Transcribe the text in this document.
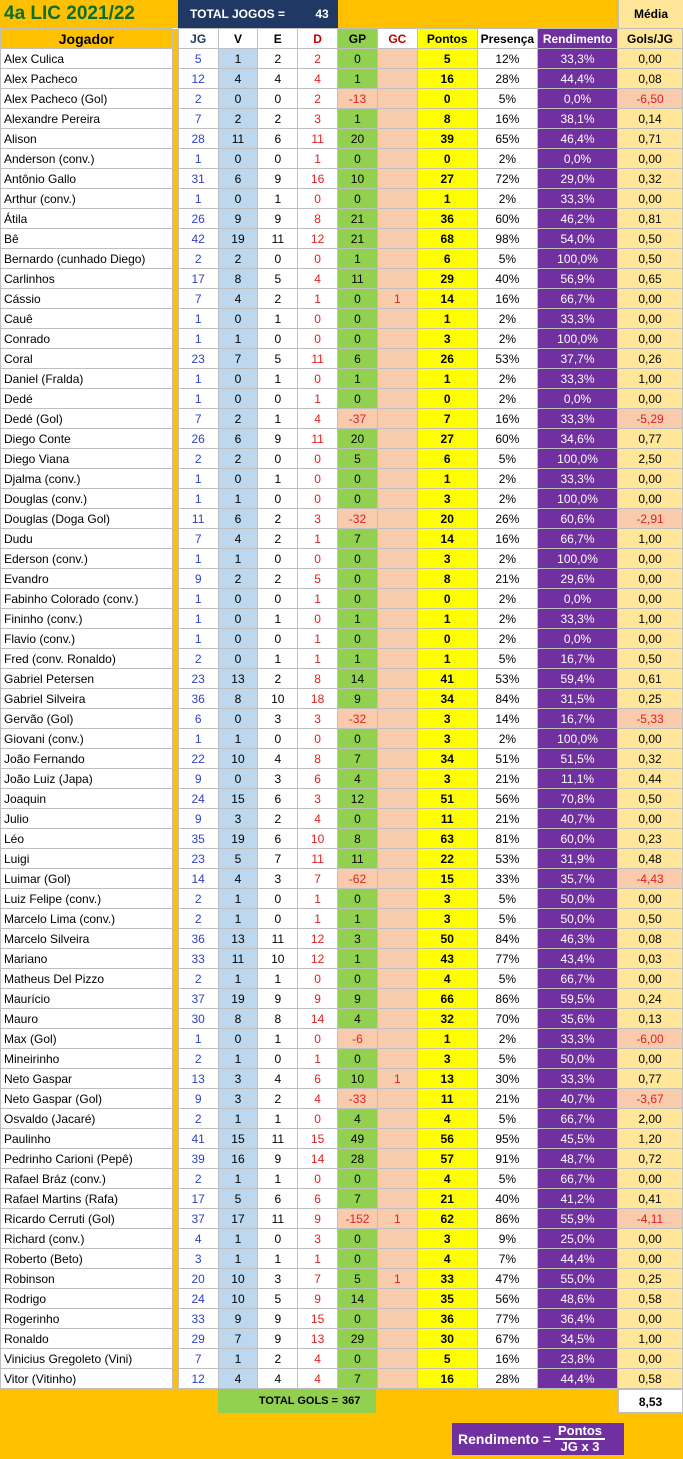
4a LIC 2021/22	TOTAL JOGOS =	43	Média
Jogador		JG	V	E	D	GP	GC	Pontos	Presença	Rendimento	Gols/JG
Alex Culica		5	1	2	2	0		5	12%	33,3%	0,00
Alex Pacheco		12	4	4	4	1		16	28%	44,4%	0,08
Alex Pacheco (Gol)		2	0	0	2	-13		0	5%	0,0%	-6,50
Alexandre Pereira		7	2	2	3	1		8	16%	38,1%	0,14
Alison		28	11	6	11	20		39	65%	46,4%	0,71
Anderson (conv.)		1	0	0	1	0		0	2%	0,0%	0,00
Antônio Gallo		31	6	9	16	10		27	72%	29,0%	0,32
Arthur (conv.)		1	0	1	0	0		1	2%	33,3%	0,00
Átila		26	9	9	8	21		36	60%	46,2%	0,81
Bê		42	19	11	12	21		68	98%	54,0%	0,50
Bernardo (cunhado Diego)		2	2	0	0	1		6	5%	100,0%	0,50
Carlinhos		17	8	5	4	11		29	40%	56,9%	0,65
Cássio		7	4	2	1	0	1	14	16%	66,7%	0,00
Cauê		1	0	1	0	0		1	2%	33,3%	0,00
Conrado		1	1	0	0	0		3	2%	100,0%	0,00
Coral		23	7	5	11	6		26	53%	37,7%	0,26
Daniel (Fralda)		1	0	1	0	1		1	2%	33,3%	1,00
Dedé		1	0	0	1	0		0	2%	0,0%	0,00
Dedé (Gol)		7	2	1	4	-37		7	16%	33,3%	-5,29
Diego Conte		26	6	9	11	20		27	60%	34,6%	0,77
Diego Viana		2	2	0	0	5		6	5%	100,0%	2,50
Djalma (conv.)		1	0	1	0	0		1	2%	33,3%	0,00
Douglas (conv.)		1	1	0	0	0		3	2%	100,0%	0,00
Douglas (Doga Gol)		11	6	2	3	-32		20	26%	60,6%	-2,91
Dudu		7	4	2	1	7		14	16%	66,7%	1,00
Ederson (conv.)		1	1	0	0	0		3	2%	100,0%	0,00
Evandro		9	2	2	5	0		8	21%	29,6%	0,00
Fabinho Colorado (conv.)		1	0	0	1	0		0	2%	0,0%	0,00
Fininho (conv.)		1	0	1	0	1		1	2%	33,3%	1,00
Flavio (conv.)		1	0	0	1	0		0	2%	0,0%	0,00
Fred (conv. Ronaldo)		2	0	1	1	1		1	5%	16,7%	0,50
Gabriel Petersen		23	13	2	8	14		41	53%	59,4%	0,61
Gabriel Silveira		36	8	10	18	9		34	84%	31,5%	0,25
Gervão (Gol)		6	0	3	3	-32		3	14%	16,7%	-5,33
Giovani (conv.)		1	1	0	0	0		3	2%	100,0%	0,00
João Fernando		22	10	4	8	7		34	51%	51,5%	0,32
João Luiz (Japa)		9	0	3	6	4		3	21%	11,1%	0,44
Joaquin		24	15	6	3	12		51	56%	70,8%	0,50
Julio		9	3	2	4	0		11	21%	40,7%	0,00
Léo		35	19	6	10	8		63	81%	60,0%	0,23
Luigi		23	5	7	11	11		22	53%	31,9%	0,48
Luimar (Gol)		14	4	3	7	-62		15	33%	35,7%	-4,43
Luiz Felipe (conv.)		2	1	0	1	0		3	5%	50,0%	0,00
Marcelo Lima (conv.)		2	1	0	1	1		3	5%	50,0%	0,50
Marcelo Silveira		36	13	11	12	3		50	84%	46,3%	0,08
Mariano		33	11	10	12	1		43	77%	43,4%	0,03
Matheus Del Pizzo		2	1	1	0	0		4	5%	66,7%	0,00
Maurício		37	19	9	9	9		66	86%	59,5%	0,24
Mauro		30	8	8	14	4		32	70%	35,6%	0,13
Max (Gol)		1	0	1	0	-6		1	2%	33,3%	-6,00
Mineirinho		2	1	0	1	0		3	5%	50,0%	0,00
Neto Gaspar		13	3	4	6	10	1	13	30%	33,3%	0,77
Neto Gaspar (Gol)		9	3	2	4	-33		11	21%	40,7%	-3,67
Osvaldo (Jacaré)		2	1	1	0	4		4	5%	66,7%	2,00
Paulinho		41	15	11	15	49		56	95%	45,5%	1,20
Pedrinho Carioni (Pepê)		39	16	9	14	28		57	91%	48,7%	0,72
Rafael Bráz (conv.)		2	1	1	0	0		4	5%	66,7%	0,00
Rafael Martins (Rafa)		17	5	6	6	7		21	40%	41,2%	0,41
Ricardo Cerruti (Gol)		37	17	11	9	-152	1	62	86%	55,9%	-4,11
Richard (conv.)		4	1	0	3	0		3	9%	25,0%	0,00
Roberto (Beto)		3	1	1	1	0		4	7%	44,4%	0,00
Robinson		20	10	3	7	5	1	33	47%	55,0%	0,25
Rodrigo		24	10	5	9	14		35	56%	48,6%	0,58
Rogerinho		33	9	9	15	0		36	77%	36,4%	0,00
Ronaldo		29	7	9	13	29		30	67%	34,5%	1,00
Vinicius Gregoleto (Vini)		7	1	2	4	0		5	16%	23,8%	0,00
Vitor (Vitinho)		12	4	4	4	7		16	28%	44,4%	0,58
TOTAL GOLS = 367	8,53
Rendimento = $\frac{\text{Pontos}}{\text{JG x 3}}$
